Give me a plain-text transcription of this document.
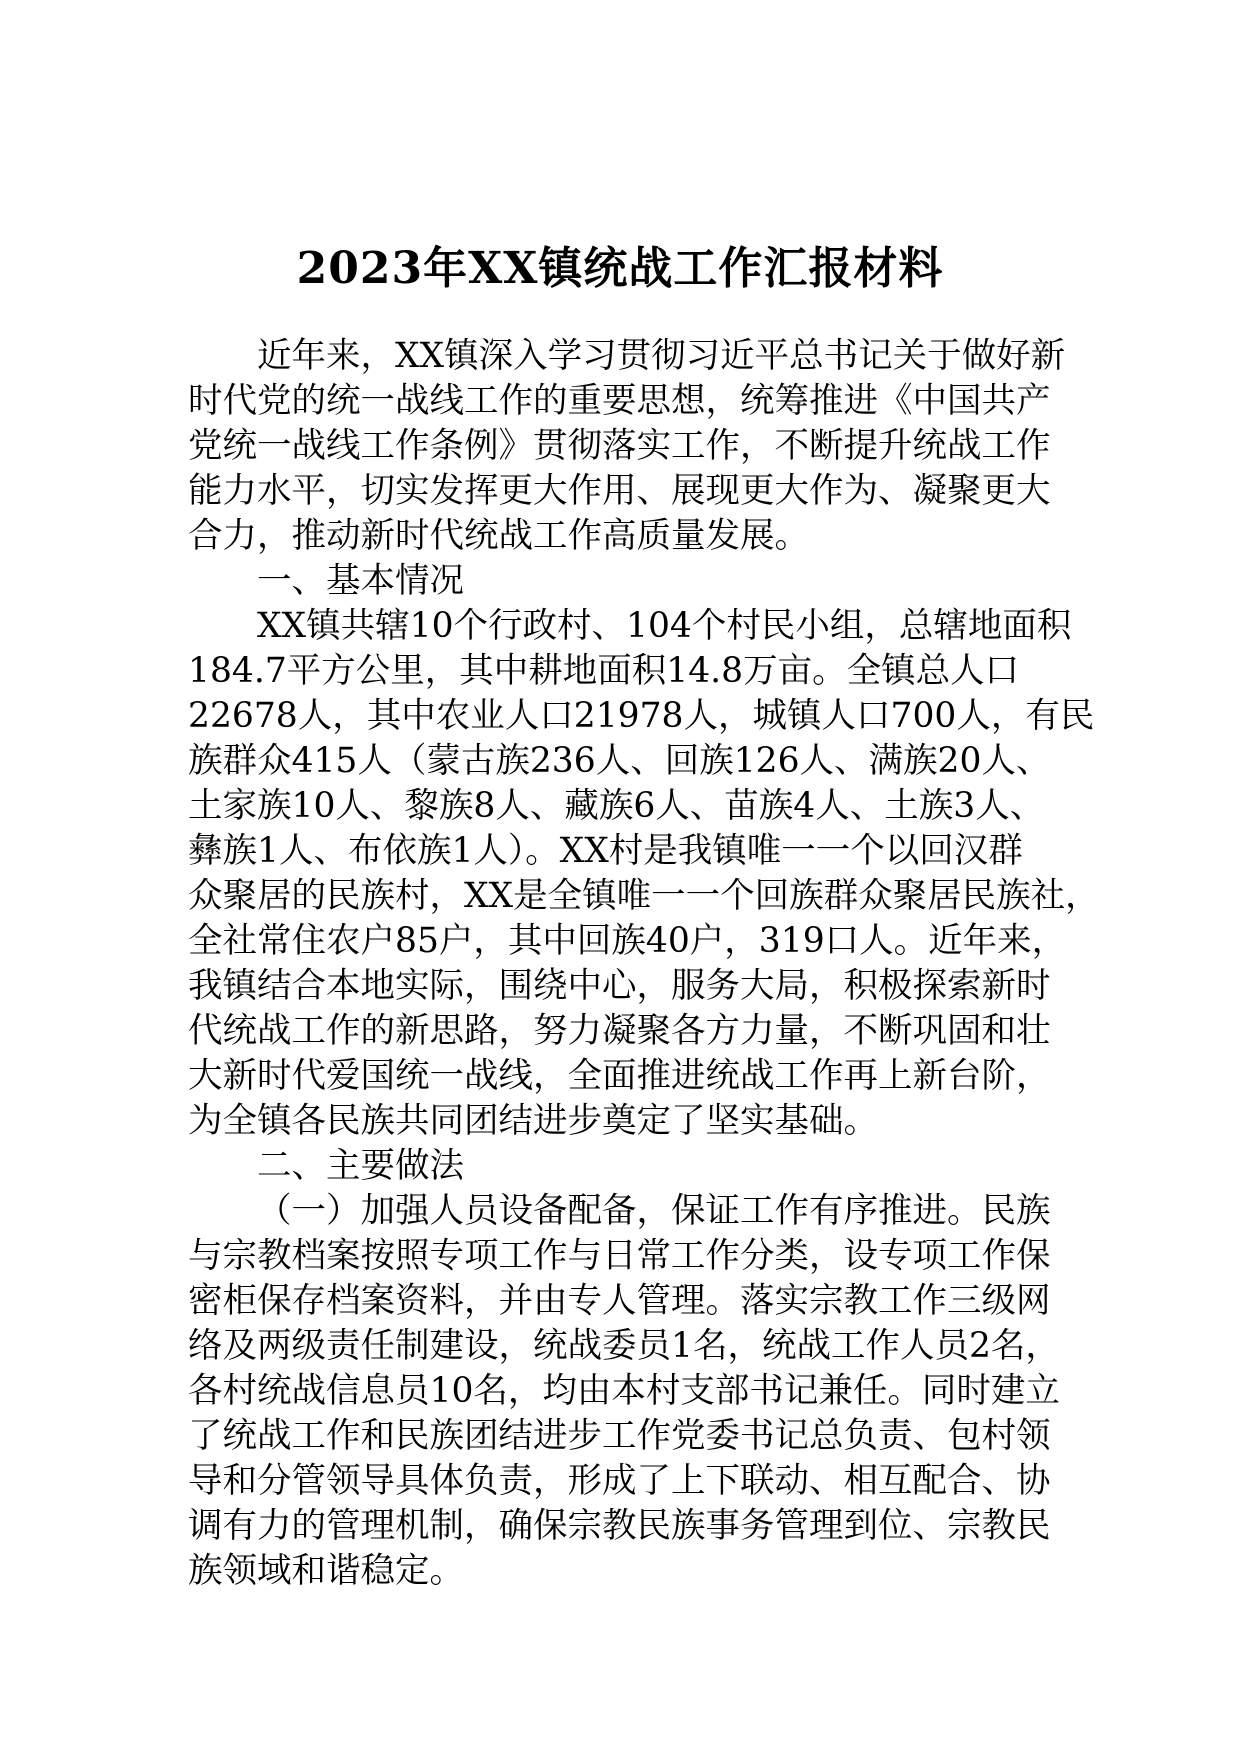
2023年XX镇统战工作汇报材料

近年来，XX镇深入学习贯彻习近平总书记关于做好新

时代党的统一战线工作的重要思想，统筹推进《中国共产

党统一战线工作条例》贯彻落实工作，不断提升统战工作

能力水平，切实发挥更大作用、展现更大作为、凝聚更大

合力，推动新时代统战工作高质量发展。

一、基本情况

XX镇共辖10个行政村、104个村民小组，总辖地面积

184.7平方公里，其中耕地面积14.8万亩。全镇总人口

22678人，其中农业人口21978人，城镇人口700人，有民

族群众415人（蒙古族236人、回族126人、满族20人、

土家族10人、黎族8人、藏族6人、苗族4人、土族3人、

彝族1人、布依族1人）。XX村是我镇唯一一个以回汉群

众聚居的民族村，XX是全镇唯一一个回族群众聚居民族社，

全社常住农户85户，其中回族40户，319口人。近年来，

我镇结合本地实际，围绕中心，服务大局，积极探索新时

代统战工作的新思路，努力凝聚各方力量，不断巩固和壮

大新时代爱国统一战线，全面推进统战工作再上新台阶，

为全镇各民族共同团结进步奠定了坚实基础。

二、主要做法

（一）加强人员设备配备，保证工作有序推进。民族

与宗教档案按照专项工作与日常工作分类，设专项工作保

密柜保存档案资料，并由专人管理。落实宗教工作三级网

络及两级责任制建设，统战委员1名，统战工作人员2名，

各村统战信息员10名，均由本村支部书记兼任。同时建立

了统战工作和民族团结进步工作党委书记总负责、包村领

导和分管领导具体负责，形成了上下联动、相互配合、协

调有力的管理机制，确保宗教民族事务管理到位、宗教民

族领域和谐稳定。
